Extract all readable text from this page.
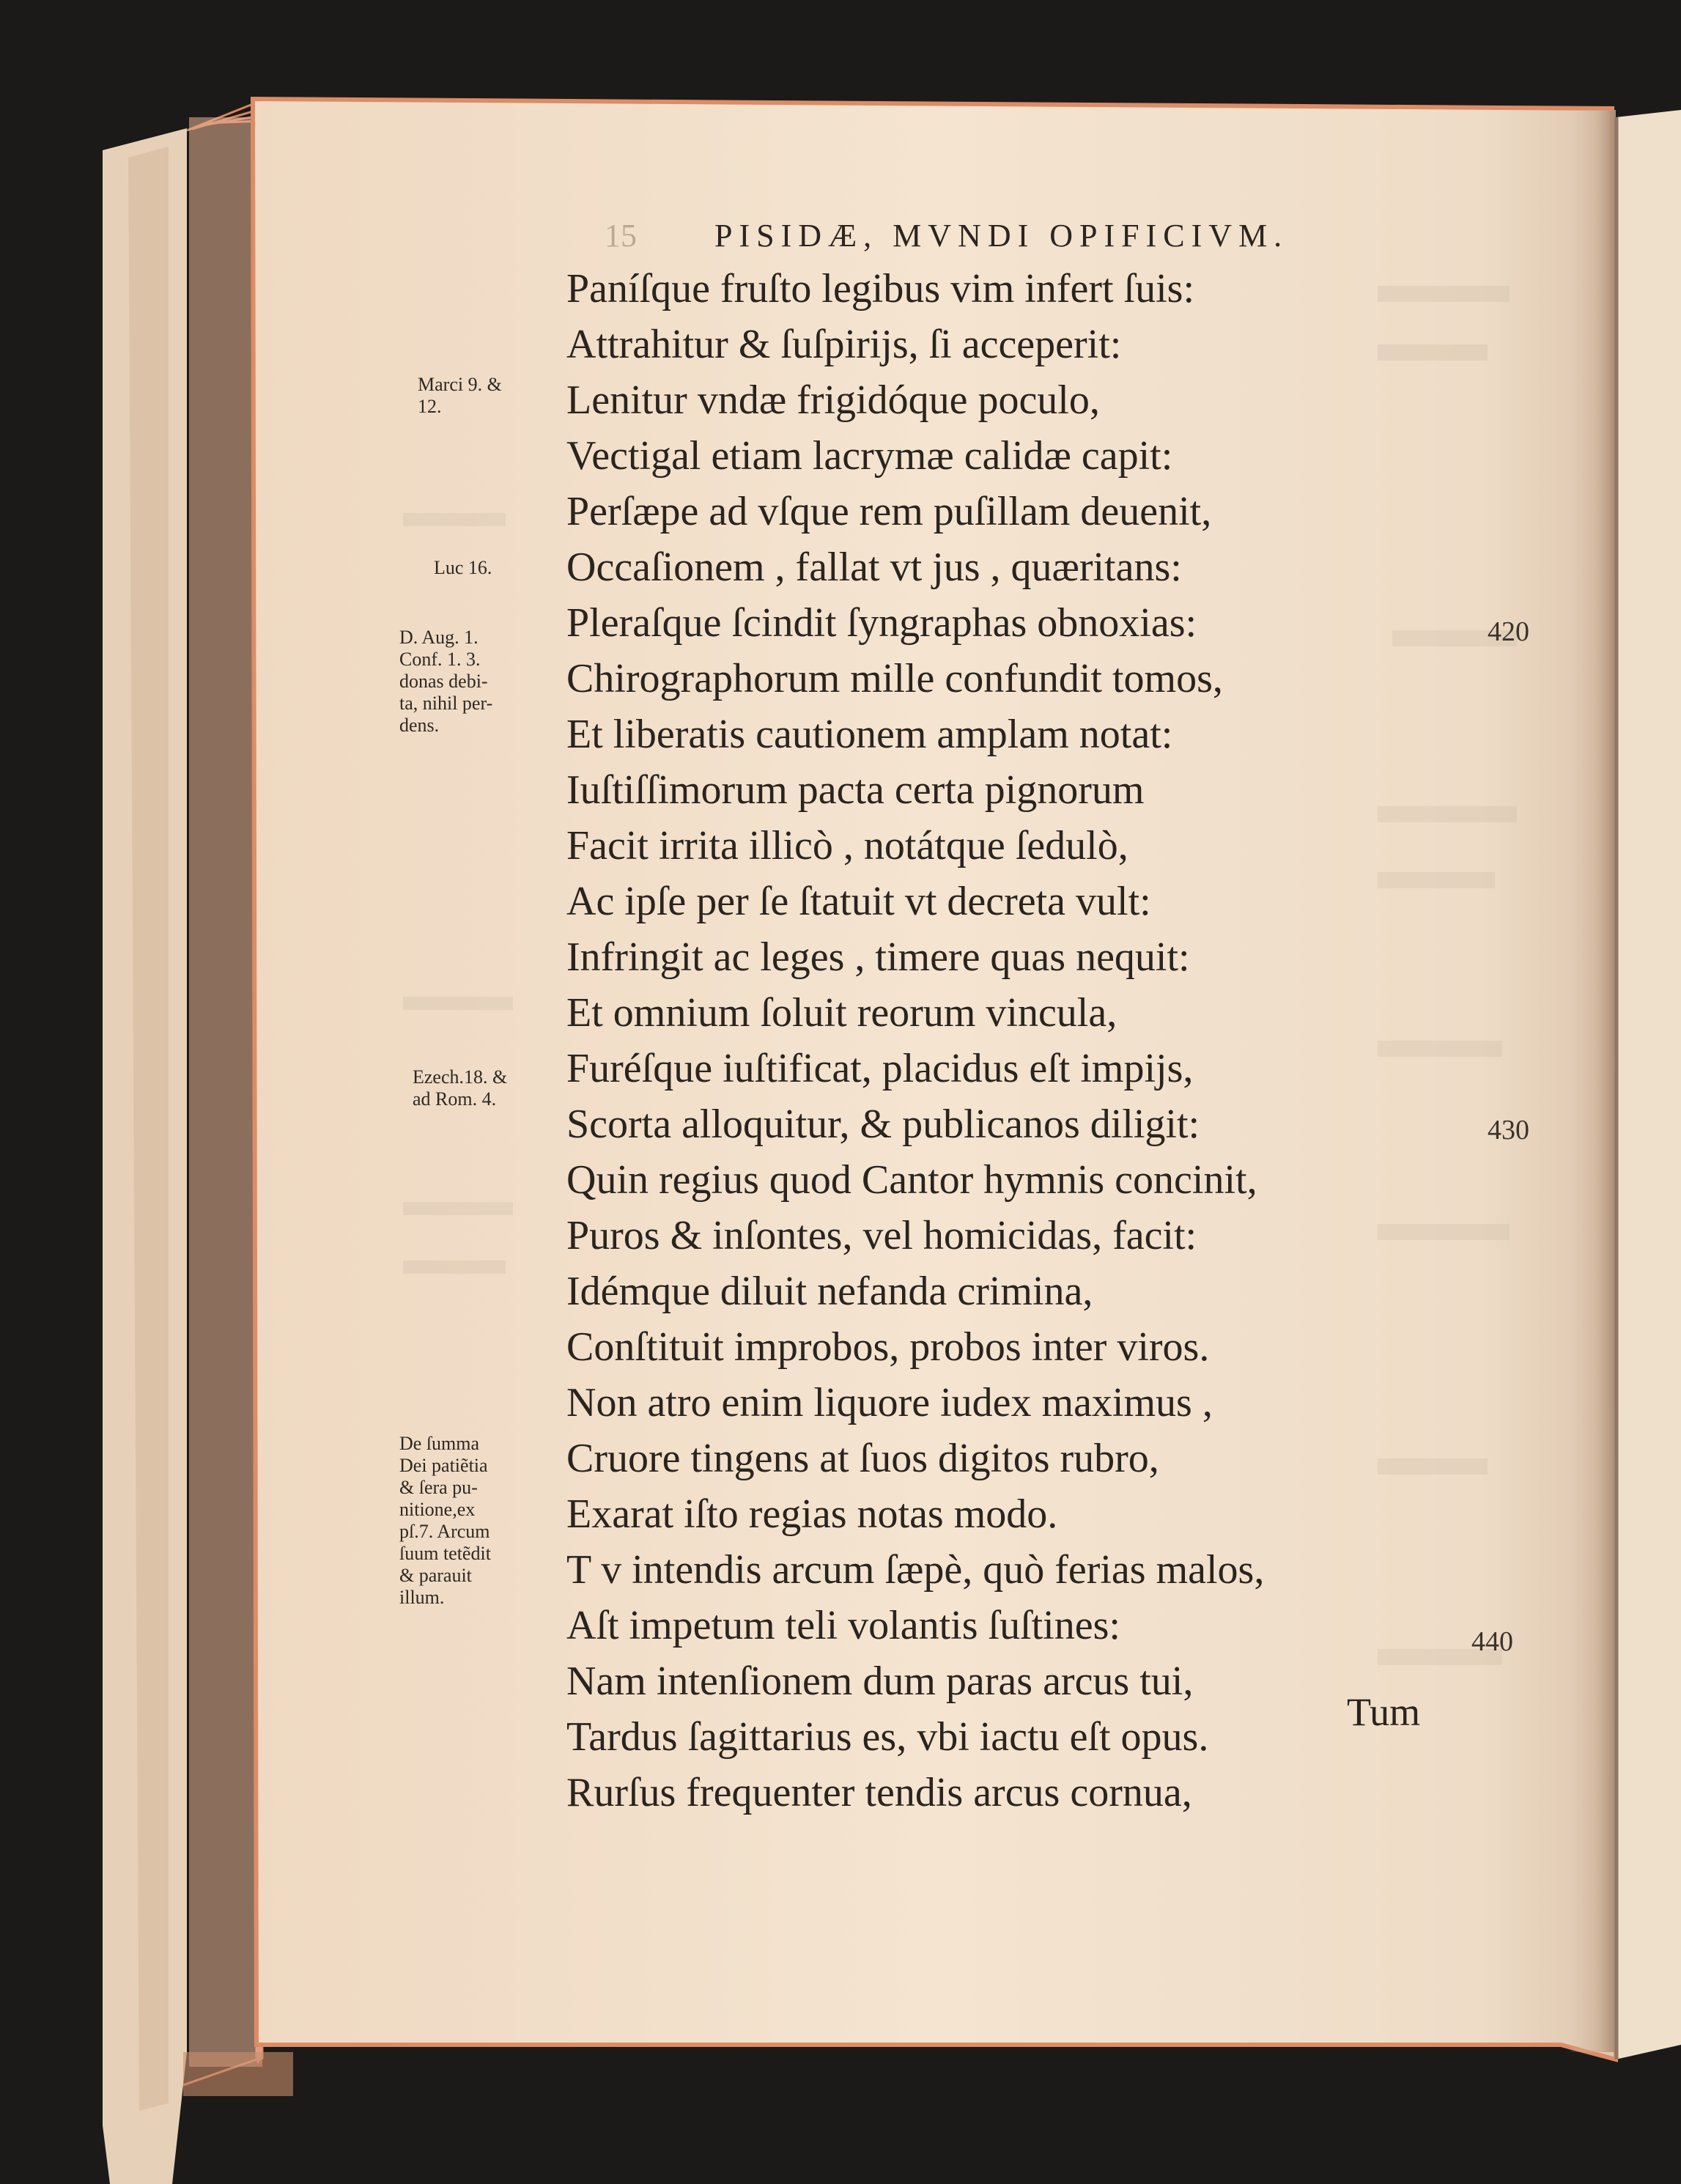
15 PISIDÆ, MVNDI OPIFICIVM.
Paníſque fruſto legibus vim infert ſuis:
Attrahitur & ſuſpirijs, ſi acceperit:
Lenitur vndæ frigidóque poculo,
Vectigal etiam lacrymæ calidæ capit:
Perſæpe ad vſque rem puſillam deuenit,
Occaſionem , fallat vt jus , quæritans:
Pleraſque ſcindit ſyngraphas obnoxias:
Chirographorum mille confundit tomos,
Et liberatis cautionem amplam notat:
Iuſtiſſimorum pacta certa pignorum
Facit irrita illicò , notátque ſedulò,
Ac ipſe per ſe ſtatuit vt decreta vult:
Infringit ac leges , timere quas nequit:
Et omnium ſoluit reorum vincula,
Furéſque iuſtificat, placidus eſt impijs,
Scorta alloquitur, & publicanos diligit:
Quin regius quod Cantor hymnis concinit,
Puros & inſontes, vel homicidas, facit:
Idémque diluit nefanda crimina,
Conſtituit improbos, probos inter viros.
Non atro enim liquore iudex maximus ,
Cruore tingens at ſuos digitos rubro,
Exarat iſto regias notas modo.
T v intendis arcum ſæpè, quò ferias malos,
Aſt impetum teli volantis ſuſtines:
Nam intenſionem dum paras arcus tui,
Tardus ſagittarius es, vbi iactu eſt opus.
Rurſus frequenter tendis arcus cornua,
Marci 9. &
12.
Luc 16.
D. Aug. 1.
Conf. 1. 3.
donas debi-
ta, nihil per-
dens.
Ezech.18. &
ad Rom. 4.
De ſumma
Dei patiẽtia
& ſera pu-
nitione,ex
pſ.7. Arcum
ſuum tetẽdit
& parauit
illum.
420
430
440
Tum
